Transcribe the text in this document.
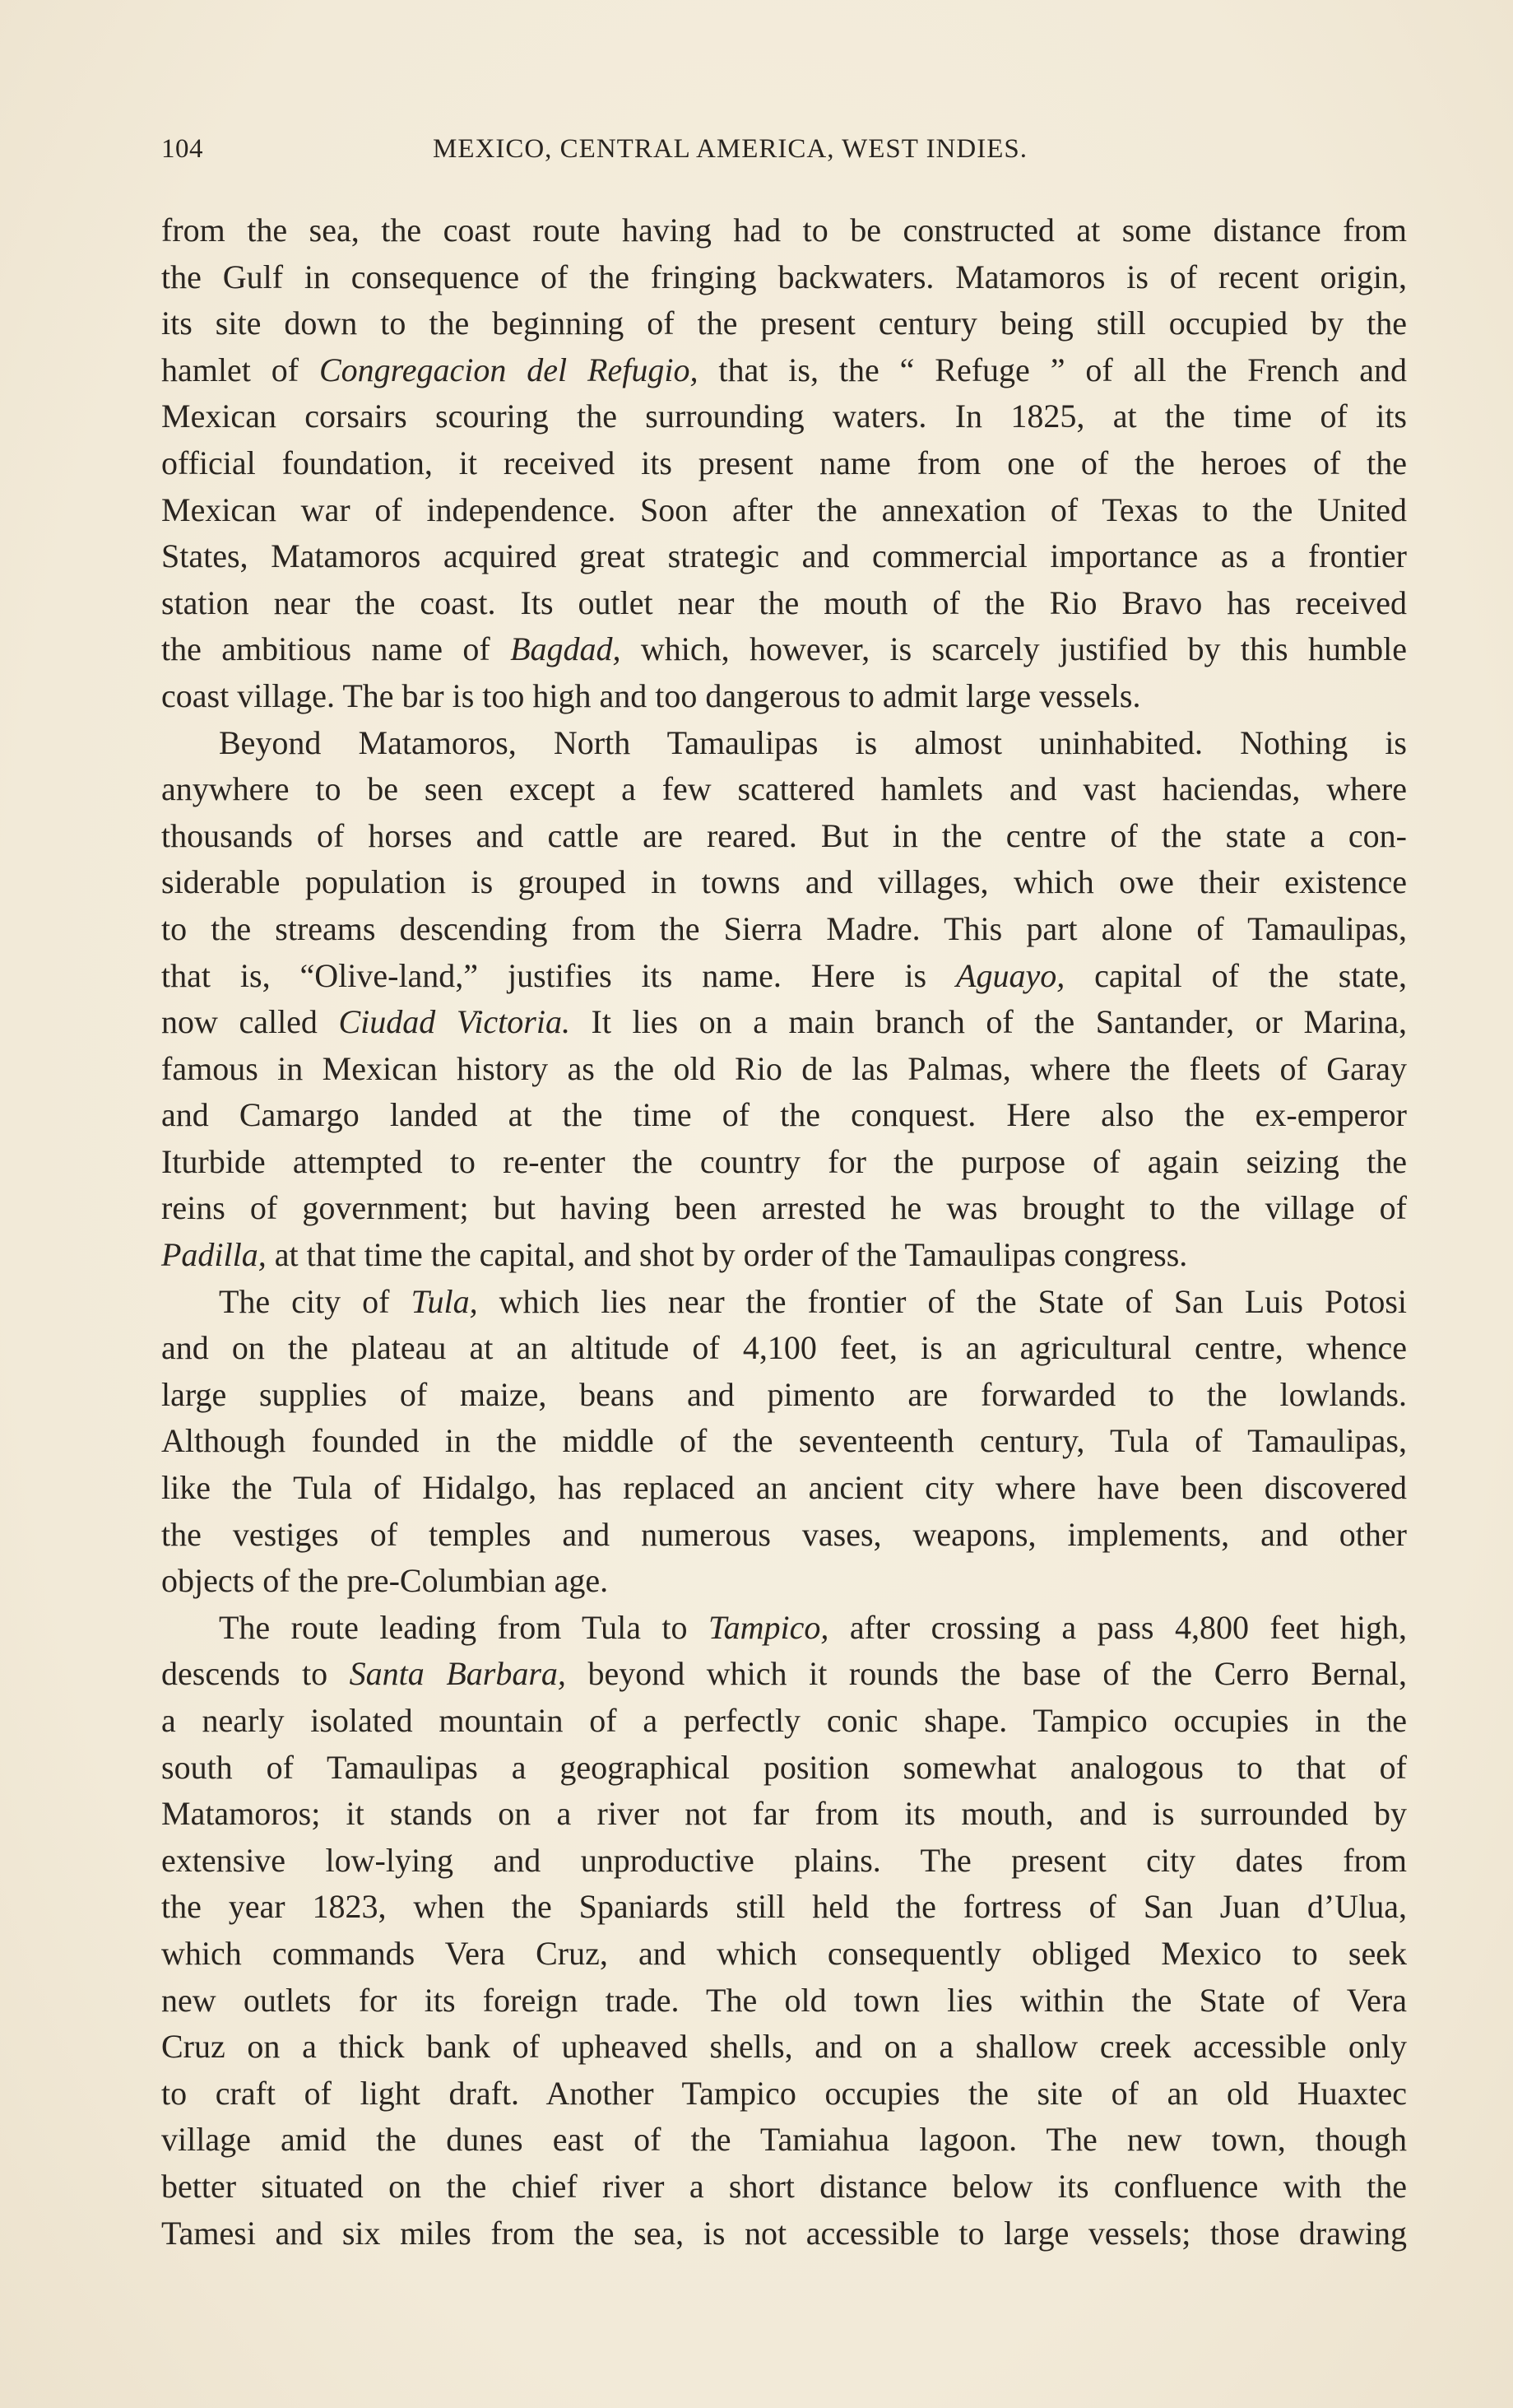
104	MEXICO, CENTRAL AMERICA, WEST INDIES.
from the sea, the coast route having had to be constructed at some distance from
the Gulf in consequence of the fringing backwaters. Matamoros is of recent origin,
its site down to the beginning of the present century being still occupied by the
hamlet of Congregacion del Refugio, that is, the “ Refuge ” of all the French and
Mexican corsairs scouring the surrounding waters. In 1825, at the time of its
official foundation, it received its present name from one of the heroes of the
Mexican war of independence. Soon after the annexation of Texas to the United
States, Matamoros acquired great strategic and commercial importance as a frontier
station near the coast. Its outlet near the mouth of the Rio Bravo has received
the ambitious name of Bagdad, which, however, is scarcely justified by this humble
coast village. The bar is too high and too dangerous to admit large vessels.
Beyond Matamoros, North Tamaulipas is almost uninhabited. Nothing is
anywhere to be seen except a few scattered hamlets and vast haciendas, where
thousands of horses and cattle are reared. But in the centre of the state a con-
siderable population is grouped in towns and villages, which owe their existence
to the streams descending from the Sierra Madre. This part alone of Tamaulipas,
that is, “Olive-land,” justifies its name. Here is Aguayo, capital of the state,
now called Ciudad Victoria. It lies on a main branch of the Santander, or Marina,
famous in Mexican history as the old Rio de las Palmas, where the fleets of Garay
and Camargo landed at the time of the conquest. Here also the ex-emperor
Iturbide attempted to re-enter the country for the purpose of again seizing the
reins of government; but having been arrested he was brought to the village of
Padilla, at that time the capital, and shot by order of the Tamaulipas congress.
The city of Tula, which lies near the frontier of the State of San Luis Potosi
and on the plateau at an altitude of 4,100 feet, is an agricultural centre, whence
large supplies of maize, beans and pimento are forwarded to the lowlands.
Although founded in the middle of the seventeenth century, Tula of Tamaulipas,
like the Tula of Hidalgo, has replaced an ancient city where have been discovered
the vestiges of temples and numerous vases, weapons, implements, and other
objects of the pre-Columbian age.
The route leading from Tula to Tampico, after crossing a pass 4,800 feet high,
descends to Santa Barbara, beyond which it rounds the base of the Cerro Bernal,
a nearly isolated mountain of a perfectly conic shape. Tampico occupies in the
south of Tamaulipas a geographical position somewhat analogous to that of
Matamoros; it stands on a river not far from its mouth, and is surrounded by
extensive low-lying and unproductive plains. The present city dates from
the year 1823, when the Spaniards still held the fortress of San Juan d’Ulua,
which commands Vera Cruz, and which consequently obliged Mexico to seek
new outlets for its foreign trade. The old town lies within the State of Vera
Cruz on a thick bank of upheaved shells, and on a shallow creek accessible only
to craft of light draft. Another Tampico occupies the site of an old Huaxtec
village amid the dunes east of the Tamiahua lagoon. The new town, though
better situated on the chief river a short distance below its confluence with the
Tamesi and six miles from the sea, is not accessible to large vessels; those drawing
